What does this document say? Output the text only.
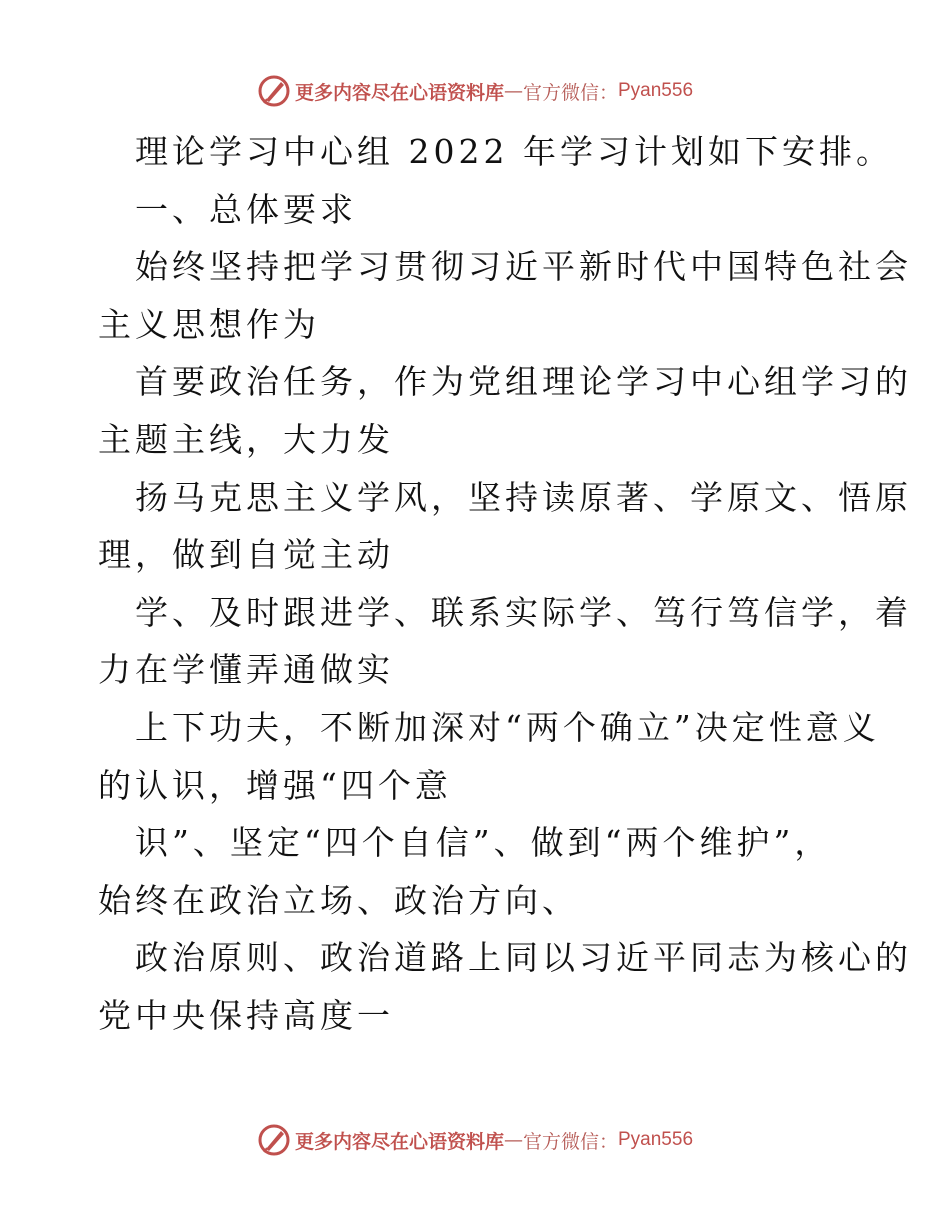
更多内容尽在心语资料库 — 官方微信： Pyan556
理论学习中心组 2022 年学习计划如下安排。
一、总体要求
始终坚持把学习贯彻习近平新时代中国特色社会
主义思想作为
首要政治任务，作为党组理论学习中心组学习的
主题主线，大力发
扬马克思主义学风，坚持读原著、学原文、悟原
理，做到自觉主动
学、及时跟进学、联系实际学、笃行笃信学，着
力在学懂弄通做实
上下功夫，不断加深对“两个确立”决定性意义
的认识，增强“四个意
识”、坚定“四个自信”、做到“两个维护”，
始终在政治立场、政治方向、
政治原则、政治道路上同以习近平同志为核心的
党中央保持高度一
更多内容尽在心语资料库 — 官方微信： Pyan556
